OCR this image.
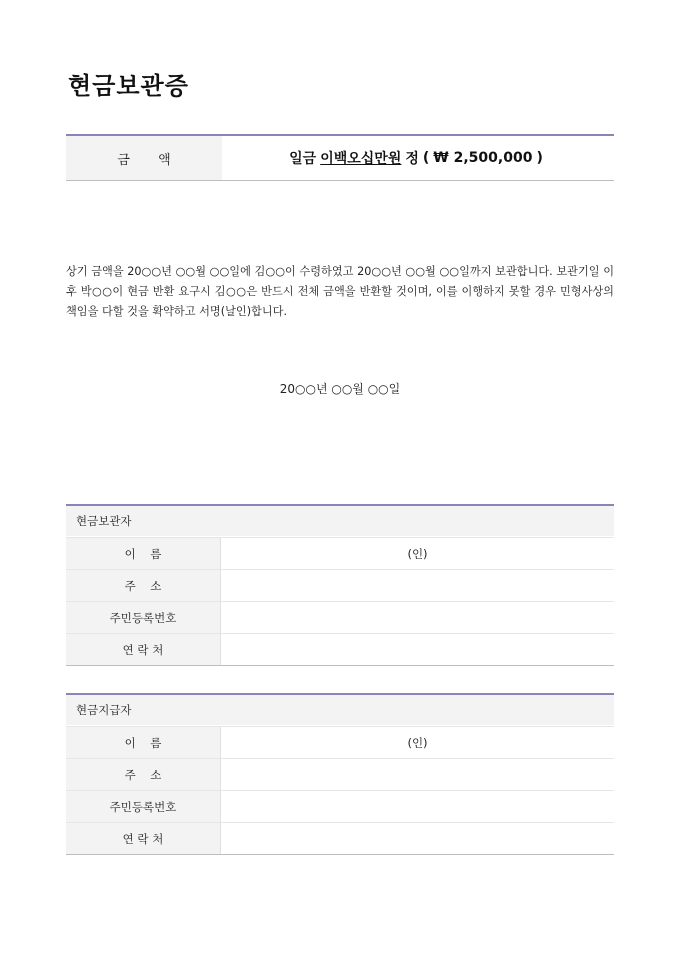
현금보관증
금 액	일금 이백오십만원 정 ( ₩ 2,500,000 )
상기 금액을 20○○년 ○○월 ○○일에 김○○이 수령하였고 20○○년 ○○월 ○○일까지 보관합니다. 보관기일 이후 박○○이 현금 반환 요구시 김○○은 반드시 전체 금액을 반환할 것이며, 이를 이행하지 못할 경우 민형사상의 책임을 다할 것을 확약하고 서명(날인)합니다.
20○○년 ○○월 ○○일
현금보관자
이    름	(인)
주    소
주민등록번호
연 락 처
현금지급자
이    름	(인)
주    소
주민등록번호
연 락 처
